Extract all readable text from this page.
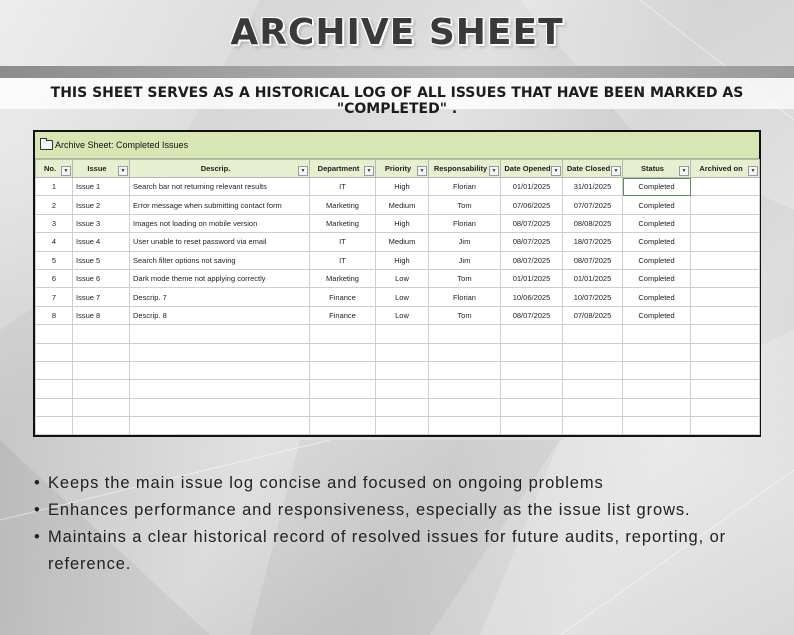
ARCHIVE SHEET
THIS SHEET SERVES AS A HISTORICAL LOG OF ALL ISSUES THAT HAVE BEEN MARKED AS "COMPLETED" .
Archive Sheet: Completed Issues
No. ▼	Issue ▼	Descrip. ▼	Department ▼	Priority ▼	Responsability ▼	Date Opened ▼	Date Closed ▼	Status ▼	Archived on ▼

1	Issue 1	Search bar not returning relevant results	IT	High	Florian	01/01/2025	31/01/2025	Completed	
2	Issue 2	Error message when submitting contact form	Marketing	Medium	Tom	07/06/2025	07/07/2025	Completed	
3	Issue 3	Images not loading on mobile version	Marketing	High	Florian	08/07/2025	08/08/2025	Completed	
4	Issue 4	User unable to reset password via email	IT	Medium	Jim	08/07/2025	18/07/2025	Completed	
5	Issue 5	Search filter options not saving	IT	High	Jim	08/07/2025	08/07/2025	Completed	
6	Issue 6	Dark mode theme not applying correctly	Marketing	Low	Tom	01/01/2025	01/01/2025	Completed	
7	Issue 7	Descrip. 7	Finance	Low	Florian	10/06/2025	10/07/2025	Completed	
8	Issue 8	Descrip. 8	Finance	Low	Tom	08/07/2025	07/08/2025	Completed	

• Keeps the main issue log concise and focused on ongoing problems
• Enhances performance and responsiveness, especially as the issue list grows.
• Maintains a clear historical record of resolved issues for future audits, reporting, or reference.
